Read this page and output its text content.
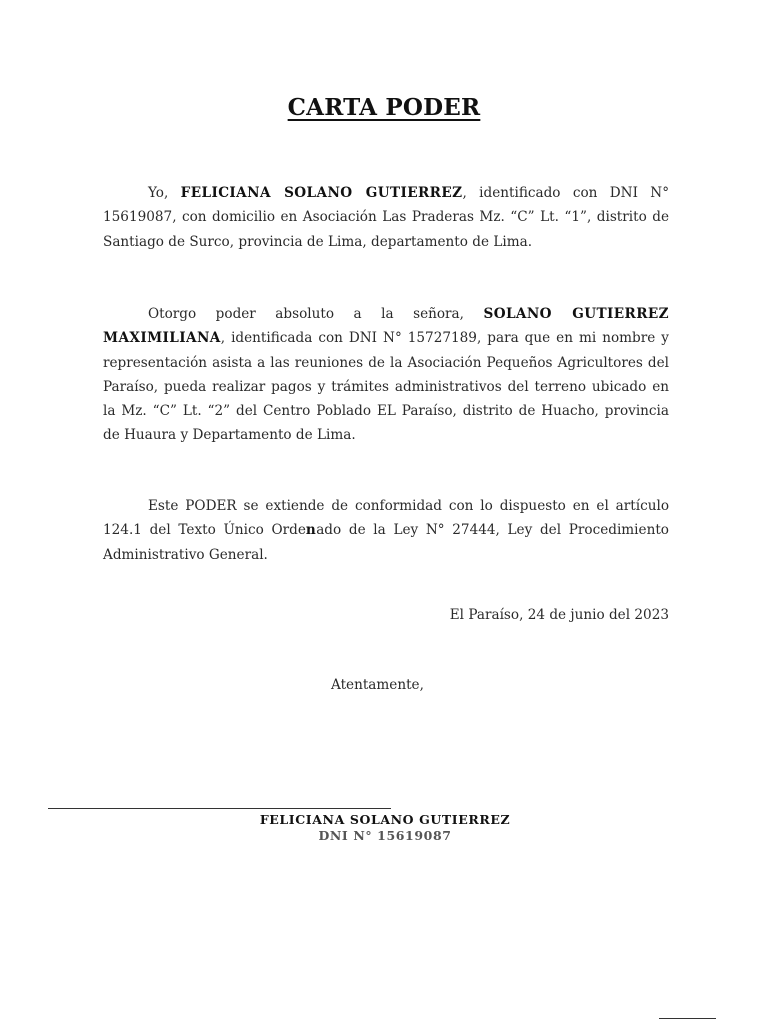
CARTA PODER

Yo, FELICIANA SOLANO GUTIERREZ, identificado con DNI N° 15619087, con domicilio en Asociación Las Praderas Mz. “C” Lt. “1”, distrito de Santiago de Surco, provincia de Lima, departamento de Lima.

Otorgo poder absoluto a la señora, SOLANO GUTIERREZ MAXIMILIANA, identificada con DNI N° 15727189, para que en mi nombre y representación asista a las reuniones de la Asociación Pequeños Agricultores del Paraíso, pueda realizar pagos y trámites administrativos del terreno ubicado en la Mz. “C” Lt. “2” del Centro Poblado EL Paraíso, distrito de Huacho, provincia de Huaura y Departamento de Lima.

Este PODER se extiende de conformidad con lo dispuesto en el artículo 124.1 del Texto Único Ordenado de la Ley N° 27444, Ley del Procedimiento Administrativo General.

El Paraíso, 24 de junio del 2023
Atentamente,
FELICIANA SOLANO GUTIERREZ
DNI N° 15619087
